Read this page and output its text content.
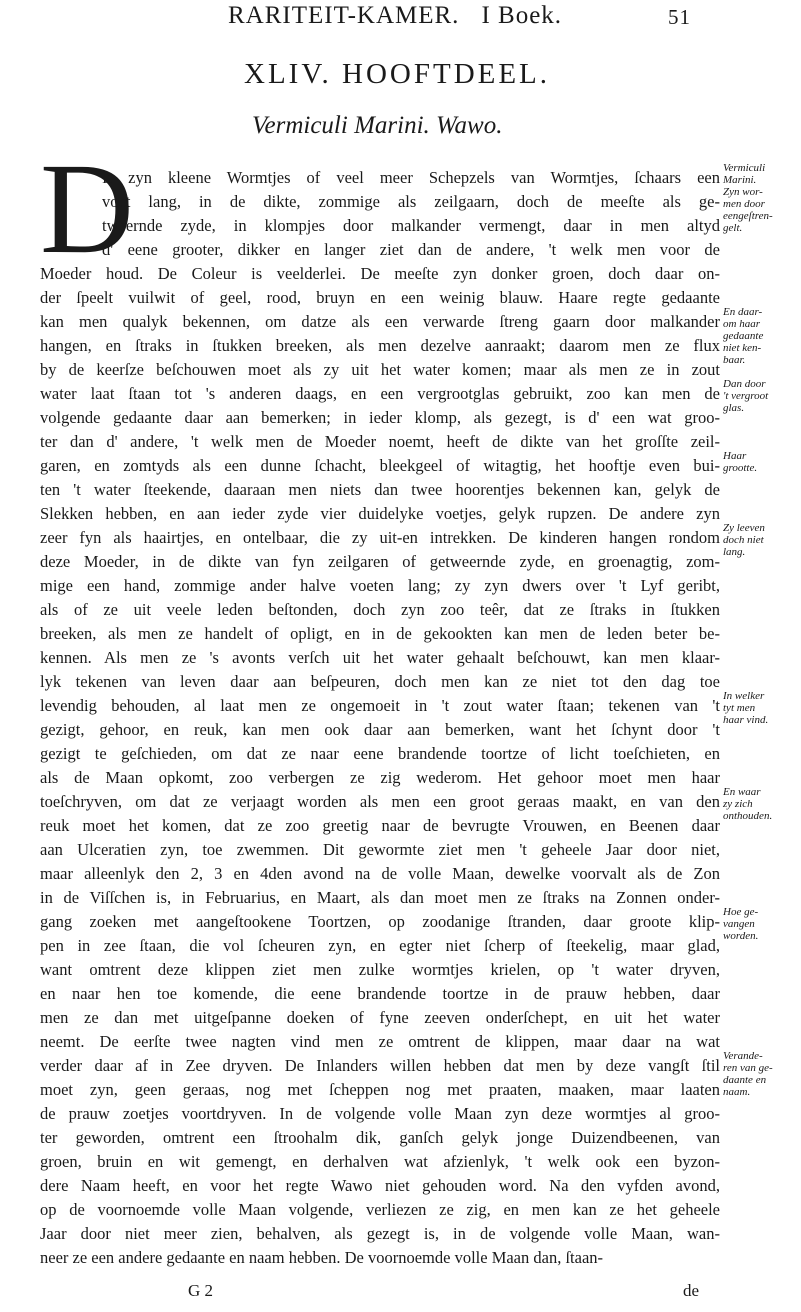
RARITEIT-KAMER. I Boek.	51
XLIV. HOOFTDEEL.
Vermiculi Marini. Wawo.
D
It zyn kleene Wormtjes of veel meer Schepzels van Wormtjes, ſchaars een
voet lang, in de dikte, zommige als zeilgaarn, doch de meeſte als ge-
tweernde zyde, in klompjes door malkander vermengt, daar in men altyd
d' eene grooter, dikker en langer ziet dan de andere, 't welk men voor de
Moeder houd. De Coleur is veelderlei. De meeſte zyn donker groen, doch daar on-
der ſpeelt vuilwit of geel, rood, bruyn en een weinig blauw. Haare regte gedaante
kan men qualyk bekennen, om datze als een verwarde ſtreng gaarn door malkander
hangen, en ſtraks in ſtukken breeken, als men dezelve aanraakt; daarom men ze flux
by de keerſze beſchouwen moet als zy uit het water komen; maar als men ze in zout
water laat ſtaan tot 's anderen daags, en een vergrootglas gebruikt, zoo kan men de
volgende gedaante daar aan bemerken; in ieder klomp, als gezegt, is d' een wat groo-
ter dan d' andere, 't welk men de Moeder noemt, heeft de dikte van het groſſte zeil-
garen, en zomtyds als een dunne ſchacht, bleekgeel of witagtig, het hooftje even bui-
ten 't water ſteekende, daaraan men niets dan twee hoorentjes bekennen kan, gelyk de
Slekken hebben, en aan ieder zyde vier duidelyke voetjes, gelyk rupzen. De andere zyn
zeer fyn als haairtjes, en ontelbaar, die zy uit-en intrekken. De kinderen hangen rondom
deze Moeder, in de dikte van fyn zeilgaren of getweernde zyde, en groenagtig, zom-
mige een hand, zommige ander halve voeten lang; zy zyn dwers over 't Lyf geribt,
als of ze uit veele leden beſtonden, doch zyn zoo teêr, dat ze ſtraks in ſtukken
breeken, als men ze handelt of opligt, en in de gekookten kan men de leden beter be-
kennen. Als men ze 's avonts verſch uit het water gehaalt beſchouwt, kan men klaar-
lyk tekenen van leven daar aan beſpeuren, doch men kan ze niet tot den dag toe
levendig behouden, al laat men ze ongemoeit in 't zout water ſtaan; tekenen van 't
gezigt, gehoor, en reuk, kan men ook daar aan bemerken, want het ſchynt door 't
gezigt te geſchieden, om dat ze naar eene brandende toortze of licht toeſchieten, en
als de Maan opkomt, zoo verbergen ze zig wederom. Het gehoor moet men haar
toeſchryven, om dat ze verjaagt worden als men een groot geraas maakt, en van den
reuk moet het komen, dat ze zoo greetig naar de bevrugte Vrouwen, en Beenen daar
aan Ulceratien zyn, toe zwemmen. Dit gewormte ziet men 't geheele Jaar door niet,
maar alleenlyk den 2, 3 en 4den avond na de volle Maan, dewelke voorvalt als de Zon
in de Viſſchen is, in Februarius, en Maart, als dan moet men ze ſtraks na Zonnen onder-
gang zoeken met aangeſtookene Toortzen, op zoodanige ſtranden, daar groote klip-
pen in zee ſtaan, die vol ſcheuren zyn, en egter niet ſcherp of ſteekelig, maar glad,
want omtrent deze klippen ziet men zulke wormtjes krielen, op 't water dryven,
en naar hen toe komende, die eene brandende toortze in de prauw hebben, daar
men ze dan met uitgeſpanne doeken of fyne zeeven onderſchept, en uit het water
neemt. De eerſte twee nagten vind men ze omtrent de klippen, maar daar na wat
verder daar af in Zee dryven. De Inlanders willen hebben dat men by deze vangſt ſtil
moet zyn, geen geraas, nog met ſcheppen nog met praaten, maaken, maar laaten
de prauw zoetjes voortdryven. In de volgende volle Maan zyn deze wormtjes al groo-
ter geworden, omtrent een ſtroohalm dik, ganſch gelyk jonge Duizendbeenen, van
groen, bruin en wit gemengt, en derhalven wat afzienlyk, 't welk ook een byzon-
dere Naam heeft, en voor het regte Wawo niet gehouden word. Na den vyfden avond,
op de voornoemde volle Maan volgende, verliezen ze zig, en men kan ze het geheele
Jaar door niet meer zien, behalven, als gezegt is, in de volgende volle Maan, wan-
neer ze een andere gedaante en naam hebben. De voornoemde volle Maan dan, ſtaan-
Vermiculi
Marini.
Zyn wor-
men door
eengeſtren-
gelt.
En daar-
om haar
gedaante
niet ken-
baar.
Dan door
't vergroot
glas.
Haar
grootte.
Zy leeven
doch niet
lang.
In welker
tyt men
haar vind.
En waar
zy zich
onthouden.
Hoe ge-
vangen
worden.
Verande-
ren van ge-
daante en
naam.
G 2	de
